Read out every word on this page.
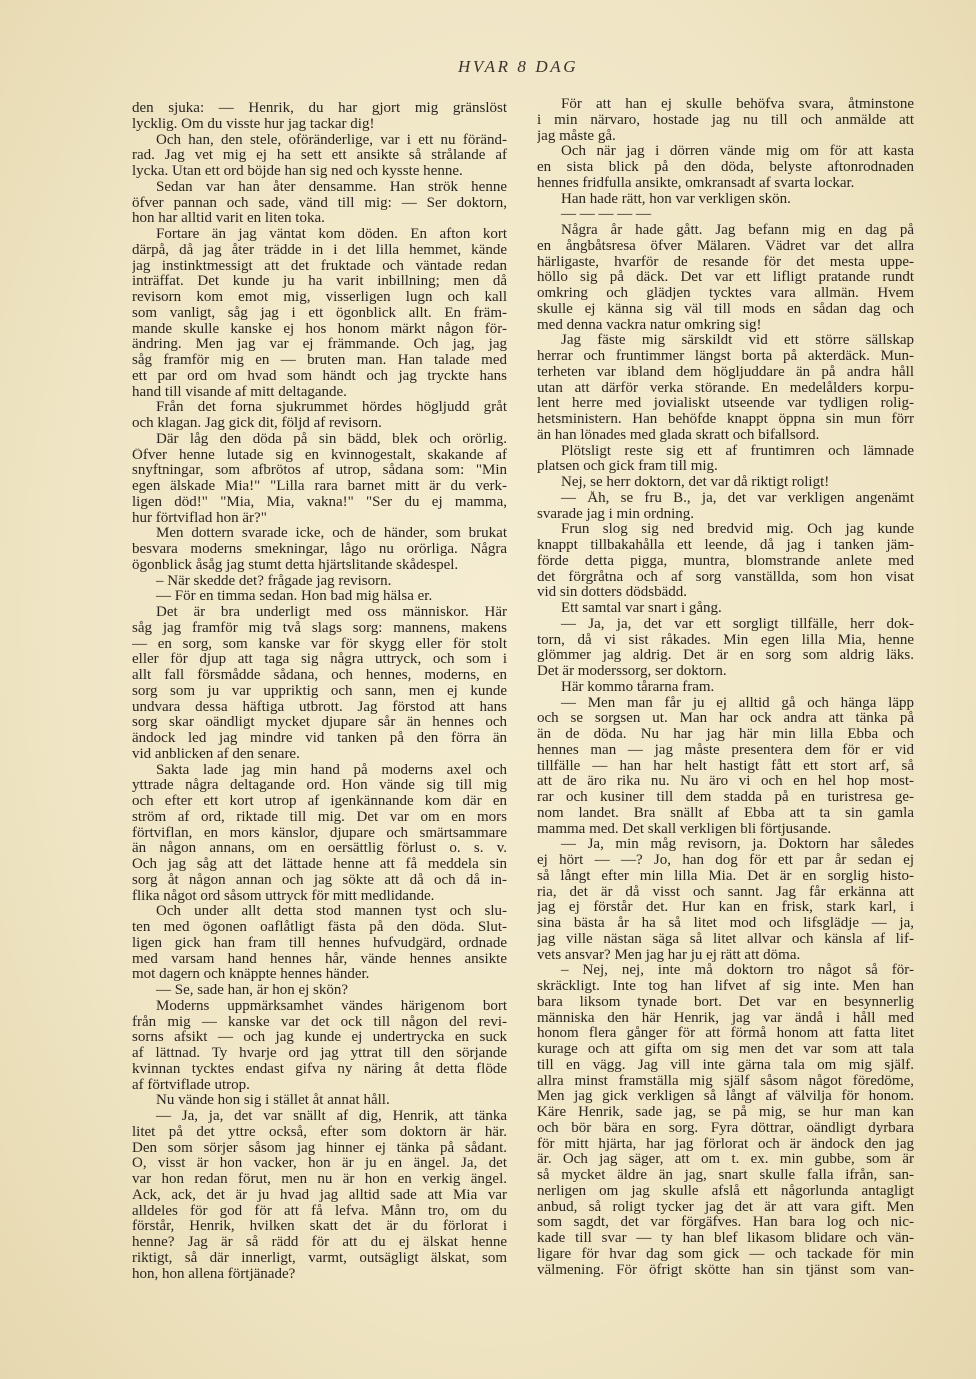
HVAR 8 DAG
den sjuka: — Henrik, du har gjort mig gränslöst
lycklig. Om du visste hur jag tackar dig!
Och han, den stele, oföränderlige, var i ett nu föränd-
rad. Jag vet mig ej ha sett ett ansikte så strålande af
lycka. Utan ett ord böjde han sig ned och kysste henne.
Sedan var han åter densamme. Han strök henne
öfver pannan och sade, vänd till mig: — Ser doktorn,
hon har alltid varit en liten toka.
Fortare än jag väntat kom döden. En afton kort
därpå, då jag åter trädde in i det lilla hemmet, kände
jag instinktmessigt att det fruktade och väntade redan
inträffat. Det kunde ju ha varit inbillning; men då
revisorn kom emot mig, visserligen lugn och kall
som vanligt, såg jag i ett ögonblick allt. En främ-
mande skulle kanske ej hos honom märkt någon för-
ändring. Men jag var ej främmande. Och jag, jag
såg framför mig en — bruten man. Han talade med
ett par ord om hvad som händt och jag tryckte hans
hand till visande af mitt deltagande.
Från det forna sjukrummet hördes högljudd gråt
och klagan. Jag gick dit, följd af revisorn.
Där låg den döda på sin bädd, blek och orörlig.
Öfver henne lutade sig en kvinnogestalt, skakande af
snyftningar, som afbrötos af utrop, sådana som: "Min
egen älskade Mia!" "Lilla rara barnet mitt är du verk-
ligen död!" "Mia, Mia, vakna!" "Ser du ej mamma,
hur förtviflad hon är?"
Men dottern svarade icke, och de händer, som brukat
besvara moderns smekningar, lågo nu orörliga. Några
ögonblick åsåg jag stumt detta hjärtslitande skådespel.
– När skedde det? frågade jag revisorn.
— För en timma sedan. Hon bad mig hälsa er.
Det är bra underligt med oss människor. Här
såg jag framför mig två slags sorg: mannens, makens
— en sorg, som kanske var för skygg eller för stolt
eller för djup att taga sig några uttryck, och som i
allt fall försmådde sådana, och hennes, moderns, en
sorg som ju var uppriktig och sann, men ej kunde
undvara dessa häftiga utbrott. Jag förstod att hans
sorg skar oändligt mycket djupare sår än hennes och
ändock led jag mindre vid tanken på den förra än
vid anblicken af den senare.
Sakta lade jag min hand på moderns axel och
yttrade några deltagande ord. Hon vände sig till mig
och efter ett kort utrop af igenkännande kom där en
ström af ord, riktade till mig. Det var om en mors
förtviflan, en mors känslor, djupare och smärtsammare
än någon annans, om en oersättlig förlust o. s. v.
Och jag såg att det lättade henne att få meddela sin
sorg åt någon annan och jag sökte att då och då in-
flika något ord såsom uttryck för mitt medlidande.
Och under allt detta stod mannen tyst och slu-
ten med ögonen oaflåtligt fästa på den döda. Slut-
ligen gick han fram till hennes hufvudgärd, ordnade
med varsam hand hennes hår, vände hennes ansikte
mot dagern och knäppte hennes händer.
— Se, sade han, är hon ej skön?
Moderns uppmärksamhet vändes härigenom bort
från mig — kanske var det ock till någon del revi-
sorns afsikt — och jag kunde ej undertrycka en suck
af lättnad. Ty hvarje ord jag yttrat till den sörjande
kvinnan tycktes endast gifva ny näring åt detta flöde
af förtviflade utrop.
Nu vände hon sig i stället åt annat håll.
— Ja, ja, det var snällt af dig, Henrik, att tänka
litet på det yttre också, efter som doktorn är här.
Den som sörjer såsom jag hinner ej tänka på sådant.
O, visst är hon vacker, hon är ju en ängel. Ja, det
var hon redan förut, men nu är hon en verkig ängel.
Ack, ack, det är ju hvad jag alltid sade att Mia var
alldeles för god för att få lefva. Månn tro, om du
förstår, Henrik, hvilken skatt det är du förlorat i
henne? Jag är så rädd för att du ej älskat henne
riktigt, så där innerligt, varmt, outsägligt älskat, som
hon, hon allena förtjänade?
För att han ej skulle behöfva svara, åtminstone
i min närvaro, hostade jag nu till och anmälde att
jag måste gå.
Och när jag i dörren vände mig om för att kasta
en sista blick på den döda, belyste aftonrodnaden
hennes fridfulla ansikte, omkransadt af svarta lockar.
Han hade rätt, hon var verkligen skön.
— — — — —
Några år hade gått. Jag befann mig en dag på
en ångbåtsresa öfver Mälaren. Vädret var det allra
härligaste, hvarför de resande för det mesta uppe-
höllo sig på däck. Det var ett lifligt pratande rundt
omkring och glädjen tycktes vara allmän. Hvem
skulle ej känna sig väl till mods en sådan dag och
med denna vackra natur omkring sig!
Jag fäste mig särskildt vid ett större sällskap
herrar och fruntimmer längst borta på akterdäck. Mun-
terheten var ibland dem högljuddare än på andra håll
utan att därför verka störande. En medelålders korpu-
lent herre med jovialiskt utseende var tydligen rolig-
hetsministern. Han behöfde knappt öppna sin mun förr
än han lönades med glada skratt och bifallsord.
Plötsligt reste sig ett af fruntimren och lämnade
platsen och gick fram till mig.
Nej, se herr doktorn, det var då riktigt roligt!
— Åh, se fru B., ja, det var verkligen angenämt
svarade jag i min ordning.
Frun slog sig ned bredvid mig. Och jag kunde
knappt tillbakahålla ett leende, då jag i tanken jäm-
förde detta pigga, muntra, blomstrande anlete med
det förgråtna och af sorg vanställda, som hon visat
vid sin dotters dödsbädd.
Ett samtal var snart i gång.
— Ja, ja, det var ett sorgligt tillfälle, herr dok-
torn, då vi sist råkades. Min egen lilla Mia, henne
glömmer jag aldrig. Det är en sorg som aldrig läks.
Det är moderssorg, ser doktorn.
Här kommo tårarna fram.
— Men man får ju ej alltid gå och hänga läpp
och se sorgsen ut. Man har ock andra att tänka på
än de döda. Nu har jag här min lilla Ebba och
hennes man — jag måste presentera dem för er vid
tillfälle — han har helt hastigt fått ett stort arf, så
att de äro rika nu. Nu äro vi och en hel hop most-
rar och kusiner till dem stadda på en turistresa ge-
nom landet. Bra snällt af Ebba att ta sin gamla
mamma med. Det skall verkligen bli förtjusande.
— Ja, min måg revisorn, ja. Doktorn har således
ej hört — —? Jo, han dog för ett par år sedan ej
så långt efter min lilla Mia. Det är en sorglig histo-
ria, det är då visst och sannt. Jag får erkänna att
jag ej förstår det. Hur kan en frisk, stark karl, i
sina bästa år ha så litet mod och lifsglädje — ja,
jag ville nästan säga så litet allvar och känsla af lif-
vets ansvar? Men jag har ju ej rätt att döma.
– Nej, nej, inte må doktorn tro något så för-
skräckligt. Inte tog han lifvet af sig inte. Men han
bara liksom tynade bort. Det var en besynnerlig
människa den här Henrik, jag var ändå i håll med
honom flera gånger för att förmå honom att fatta litet
kurage och att gifta om sig men det var som att tala
till en vägg. Jag vill inte gärna tala om mig själf.
allra minst framställa mig själf såsom något föredöme,
Men jag gick verkligen så långt af välvilja för honom.
Käre Henrik, sade jag, se på mig, se hur man kan
och bör bära en sorg. Fyra döttrar, oändligt dyrbara
för mitt hjärta, har jag förlorat och är ändock den jag
är. Och jag säger, att om t. ex. min gubbe, som är
så mycket äldre än jag, snart skulle falla ifrån, san-
nerligen om jag skulle afslå ett någorlunda antagligt
anbud, så roligt tycker jag det är att vara gift. Men
som sagdt, det var förgäfves. Han bara log och nic-
kade till svar — ty han blef likasom blidare och vän-
ligare för hvar dag som gick — och tackade för min
välmening. För öfrigt skötte han sin tjänst som van-
